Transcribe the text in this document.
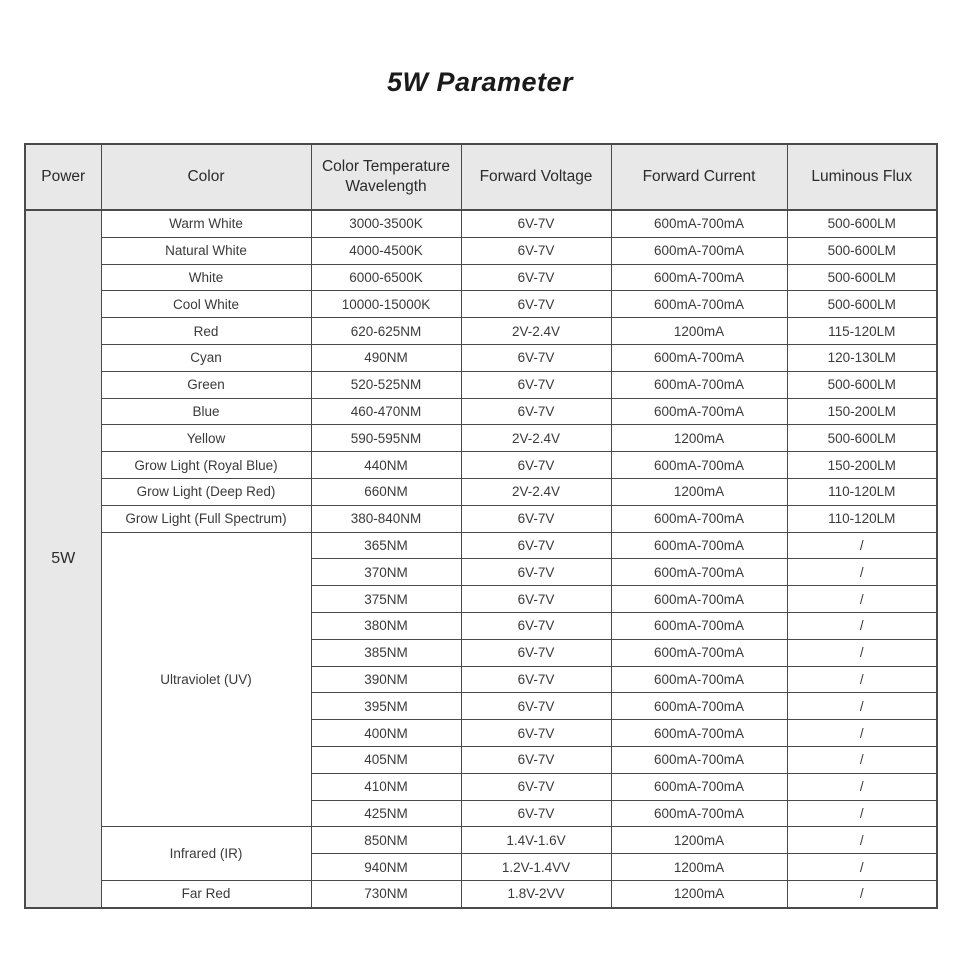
5W Parameter
Power	Color	Color Temperature Wavelength	Forward Voltage	Forward Current	Luminous Flux
5W	Warm White	3000-3500K	6V-7V	600mA-700mA	500-600LM
	Natural White	4000-4500K	6V-7V	600mA-700mA	500-600LM
	White	6000-6500K	6V-7V	600mA-700mA	500-600LM
	Cool White	10000-15000K	6V-7V	600mA-700mA	500-600LM
	Red	620-625NM	2V-2.4V	1200mA	115-120LM
	Cyan	490NM	6V-7V	600mA-700mA	120-130LM
	Green	520-525NM	6V-7V	600mA-700mA	500-600LM
	Blue	460-470NM	6V-7V	600mA-700mA	150-200LM
	Yellow	590-595NM	2V-2.4V	1200mA	500-600LM
	Grow Light (Royal Blue)	440NM	6V-7V	600mA-700mA	150-200LM
	Grow Light (Deep Red)	660NM	2V-2.4V	1200mA	110-120LM
	Grow Light (Full Spectrum)	380-840NM	6V-7V	600mA-700mA	110-120LM
	Ultraviolet (UV)	365NM	6V-7V	600mA-700mA	/
		370NM	6V-7V	600mA-700mA	/
		375NM	6V-7V	600mA-700mA	/
		380NM	6V-7V	600mA-700mA	/
		385NM	6V-7V	600mA-700mA	/
		390NM	6V-7V	600mA-700mA	/
		395NM	6V-7V	600mA-700mA	/
		400NM	6V-7V	600mA-700mA	/
		405NM	6V-7V	600mA-700mA	/
		410NM	6V-7V	600mA-700mA	/
		425NM	6V-7V	600mA-700mA	/
	Infrared (IR)	850NM	1.4V-1.6V	1200mA	/
		940NM	1.2V-1.4VV	1200mA	/
	Far Red	730NM	1.8V-2VV	1200mA	/
